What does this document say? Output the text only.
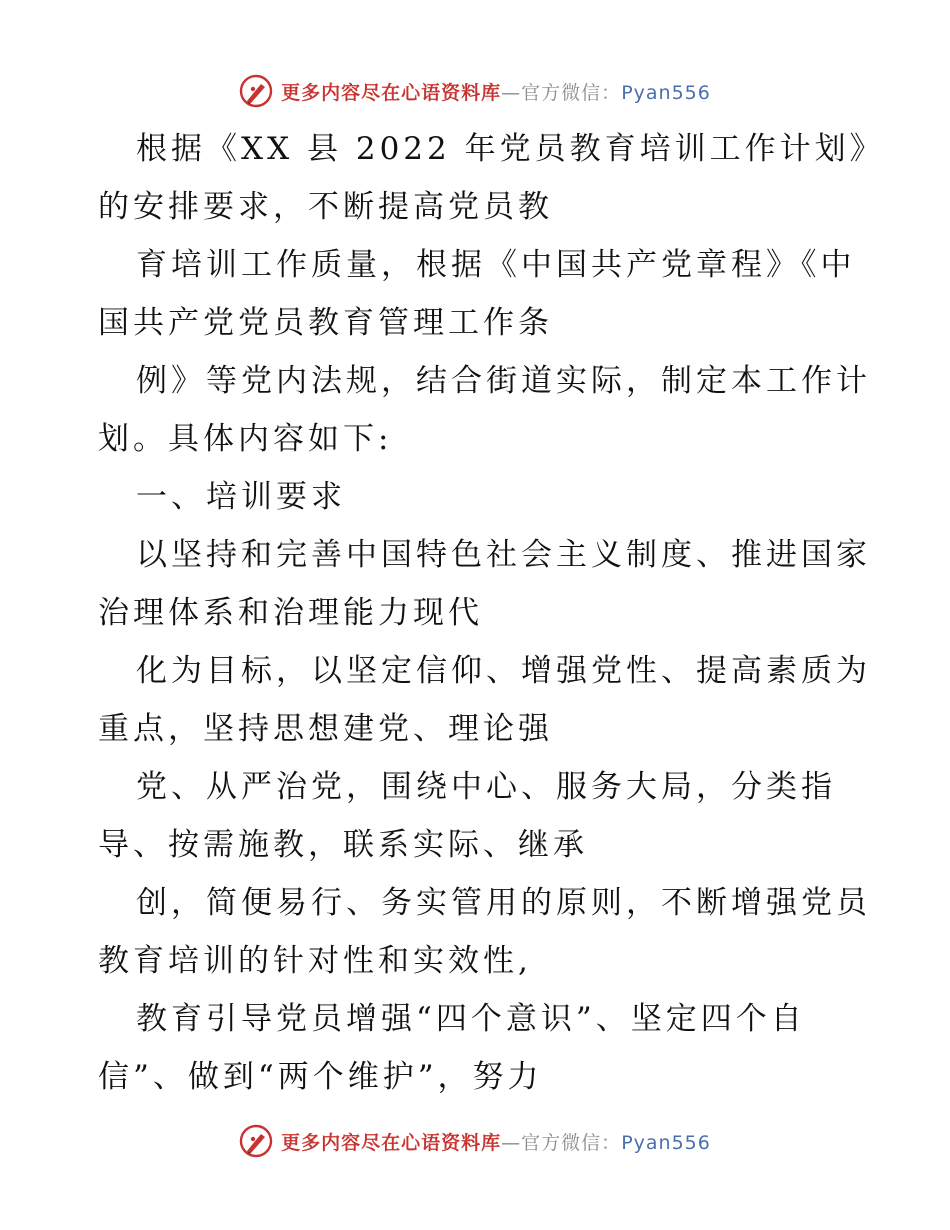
更多内容尽在心语资料库—官方微信：Pyan556
根据《XX 县 2022 年党员教育培训工作计划》
的安排要求，不断提高党员教
育培训工作质量，根据《中国共产党章程》《中
国共产党党员教育管理工作条
例》等党内法规，结合街道实际，制定本工作计
划。具体内容如下:
一、培训要求
以坚持和完善中国特色社会主义制度、推进国家
治理体系和治理能力现代
化为目标，以坚定信仰、增强党性、提高素质为
重点，坚持思想建党、理论强
党、从严治党，围绕中心、服务大局，分类指
导、按需施教，联系实际、继承
创，简便易行、务实管用的原则，不断增强党员
教育培训的针对性和实效性,
教育引导党员增强“四个意识”、坚定四个自
信”、做到“两个维护”，努力
更多内容尽在心语资料库—官方微信：Pyan556
